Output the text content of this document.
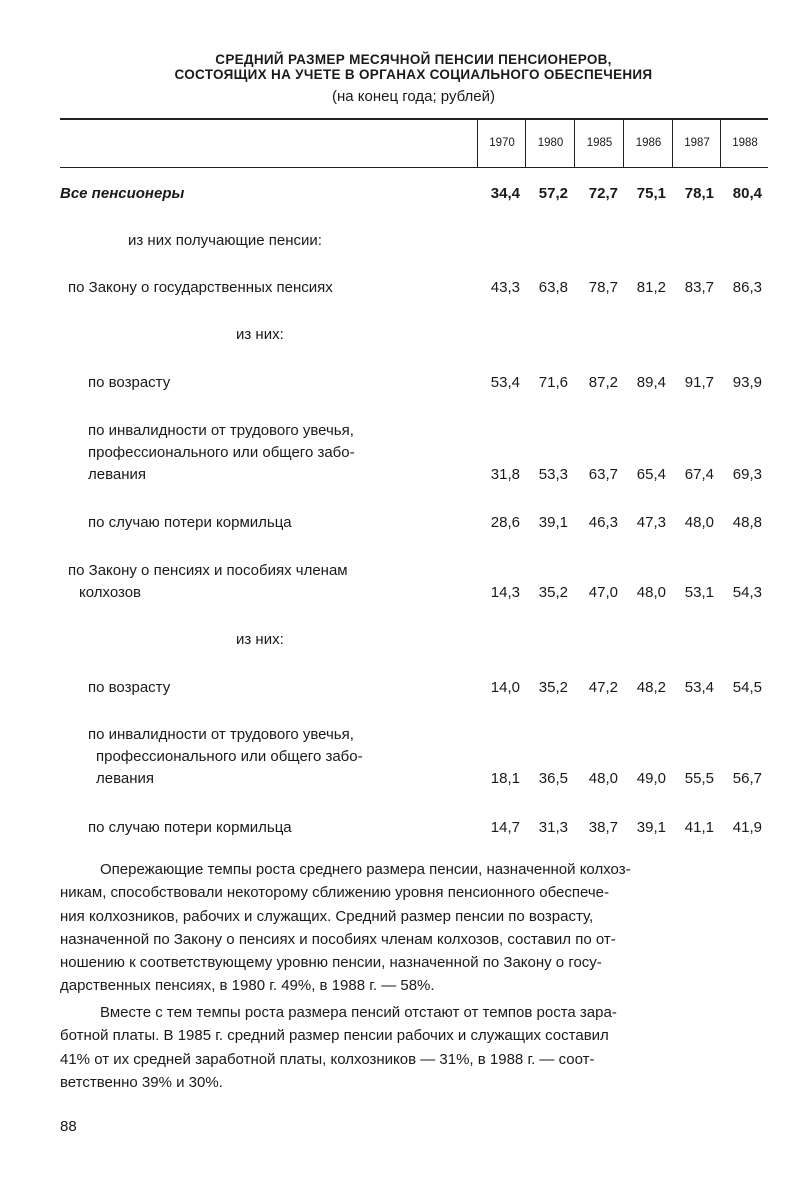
СРЕДНИЙ РАЗМЕР МЕСЯЧНОЙ ПЕНСИИ ПЕНСИОНЕРОВ,
СОСТОЯЩИХ НА УЧЕТЕ В ОРГАНАХ СОЦИАЛЬНОГО ОБЕСПЕЧЕНИЯ
(на конец года; рублей)
1970	1980	1985	1986	1987	1988
Все пенсионеры	34,4	57,2	72,7	75,1	78,1	80,4
из них получающие пенсии:
по Закону о государственных пенсиях	43,3	63,8	78,7	81,2	83,7	86,3
из них:
по возрасту	53,4	71,6	87,2	89,4	91,7	93,9
по инвалидности от трудового увечья,
профессионального или общего забо-
левания	31,8	53,3	63,7	65,4	67,4	69,3
по случаю потери кормильца	28,6	39,1	46,3	47,3	48,0	48,8
по Закону о пенсиях и пособиях членам
колхозов	14,3	35,2	47,0	48,0	53,1	54,3
из них:
по возрасту	14,0	35,2	47,2	48,2	53,4	54,5
по инвалидности от трудового увечья,
профессионального или общего забо-
левания	18,1	36,5	48,0	49,0	55,5	56,7
по случаю потери кормильца	14,7	31,3	38,7	39,1	41,1	41,9
Опережающие темпы роста среднего размера пенсии, назначенной колхоз-
никам, способствовали некоторому сближению уровня пенсионного обеспече-
ния колхозников, рабочих и служащих. Средний размер пенсии по возрасту,
назначенной по Закону о пенсиях и пособиях членам колхозов, составил по от-
ношению к соответствующему уровню пенсии, назначенной по Закону о госу-
дарственных пенсиях, в 1980 г. 49%, в 1988 г. — 58%.
Вместе с тем темпы роста размера пенсий отстают от темпов роста зара-
ботной платы. В 1985 г. средний размер пенсии рабочих и служащих составил
41% от их средней заработной платы, колхозников — 31%, в 1988 г. — соот-
ветственно 39% и 30%.
88
